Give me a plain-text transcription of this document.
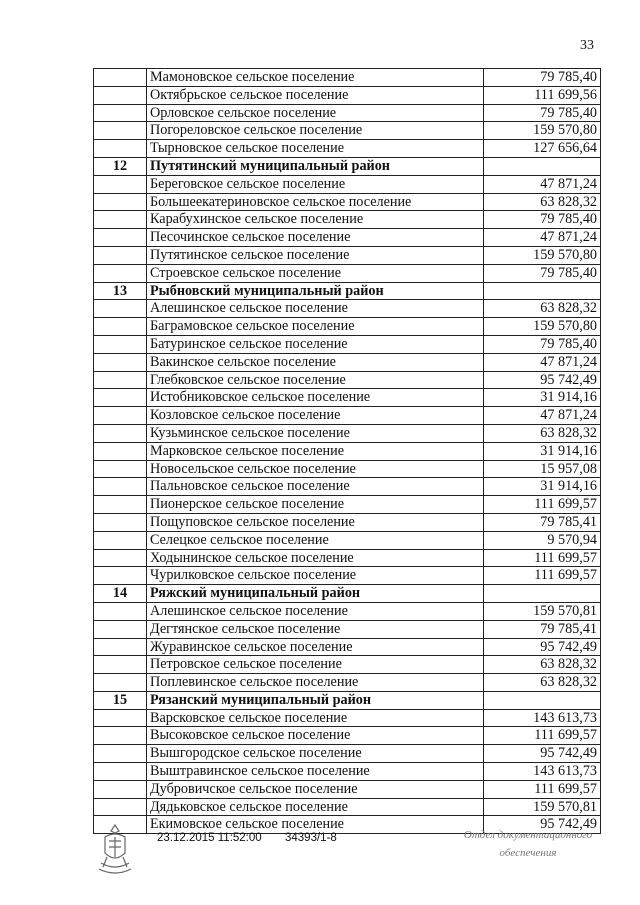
33
	Мамоновское сельское поселение	79 785,40
	Октябрьское сельское поселение	111 699,56
	Орловское сельское поселение	79 785,40
	Погореловское сельское поселение	159 570,80
	Тырновское сельское поселение	127 656,64
12	Путятинский муниципальный район	
	Береговское сельское поселение	47 871,24
	Большеекатериновское сельское поселение	63 828,32
	Карабухинское сельское поселение	79 785,40
	Песочинское сельское поселение	47 871,24
	Путятинское сельское поселение	159 570,80
	Строевское сельское поселение	79 785,40
13	Рыбновский муниципальный район	
	Алешинское сельское поселение	63 828,32
	Баграмовское сельское поселение	159 570,80
	Батуринское сельское поселение	79 785,40
	Вакинское сельское поселение	47 871,24
	Глебковское сельское поселение	95 742,49
	Истобниковское сельское поселение	31 914,16
	Козловское сельское поселение	47 871,24
	Кузьминское сельское поселение	63 828,32
	Марковское сельское поселение	31 914,16
	Новосельское сельское поселение	15 957,08
	Пальновское сельское поселение	31 914,16
	Пионерское сельское поселение	111 699,57
	Пощуповское сельское поселение	79 785,41
	Селецкое сельское поселение	9 570,94
	Ходынинское сельское поселение	111 699,57
	Чурилковское сельское поселение	111 699,57
14	Ряжский муниципальный район	
	Алешинское сельское поселение	159 570,81
	Дегтянское сельское поселение	79 785,41
	Журавинское сельское поселение	95 742,49
	Петровское сельское поселение	63 828,32
	Поплевинское сельское поселение	63 828,32
15	Рязанский муниципальный район	
	Варсковское сельское поселение	143 613,73
	Высоковское сельское поселение	111 699,57
	Вышгородское сельское поселение	95 742,49
	Выштравинское сельское поселение	143 613,73
	Дубровичское сельское поселение	111 699,57
	Дядьковское сельское поселение	159 570,81
	Екимовское сельское поселение	95 742,49
23.12.2015 11:52:00 34393/1-8	Отдел документационного
обеспечения
